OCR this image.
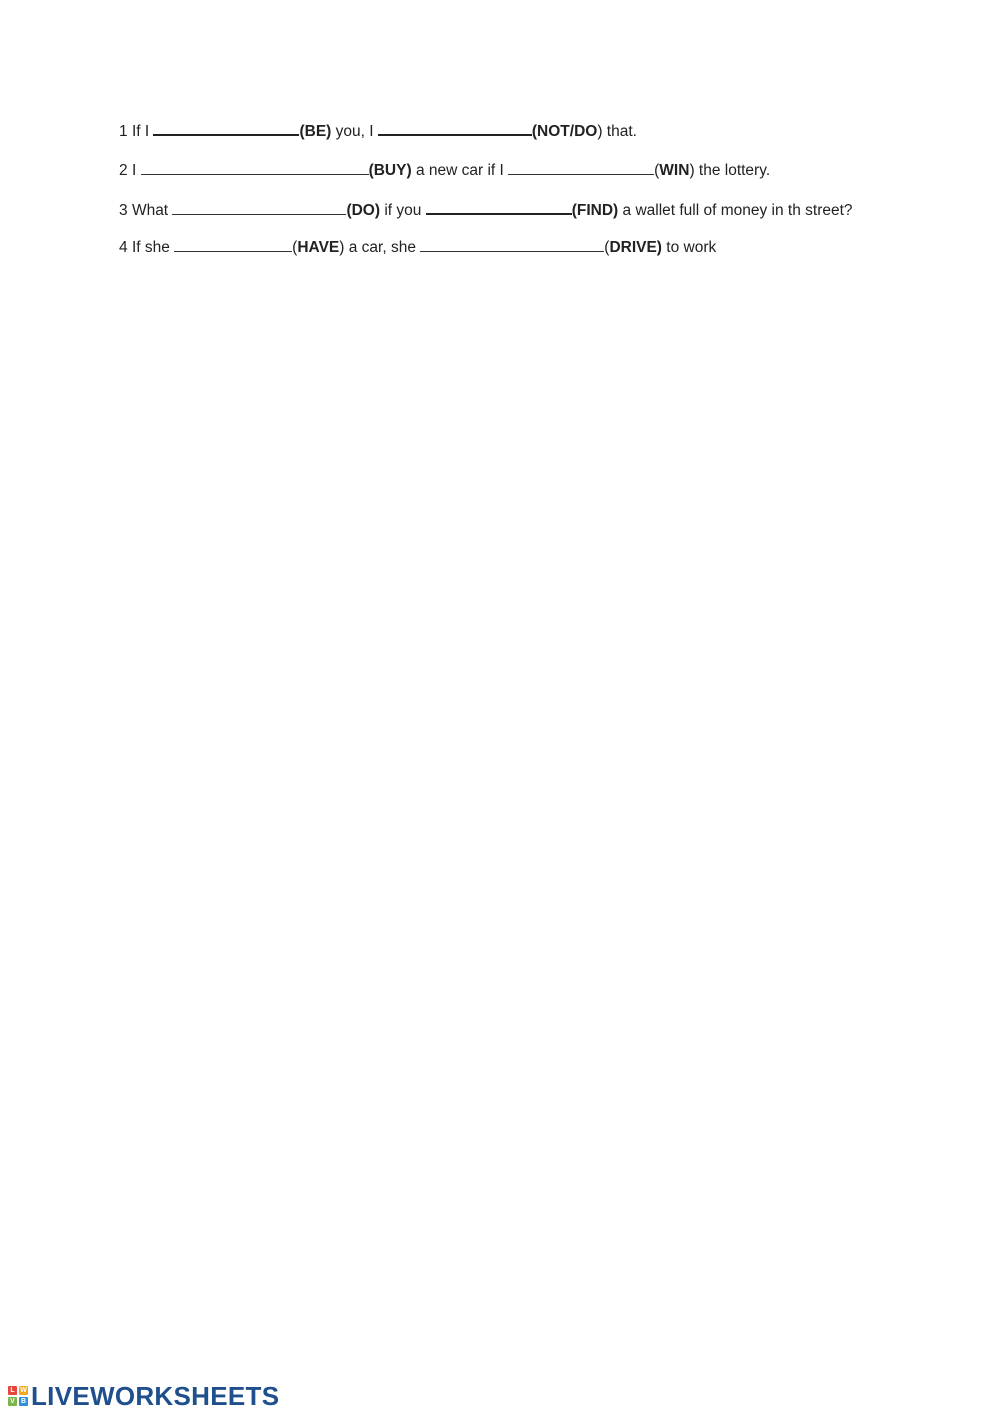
1 If I	(BE) you, I	(NOT/DO) that.
2 I	(BUY) a new car if I	(WIN) the lottery.
3 What	(DO) if you	(FIND) a wallet full of money in th street?
4 If she	(HAVE) a car, she	(DRIVE) to work
L W
V B LIVEWORKSHEETS
